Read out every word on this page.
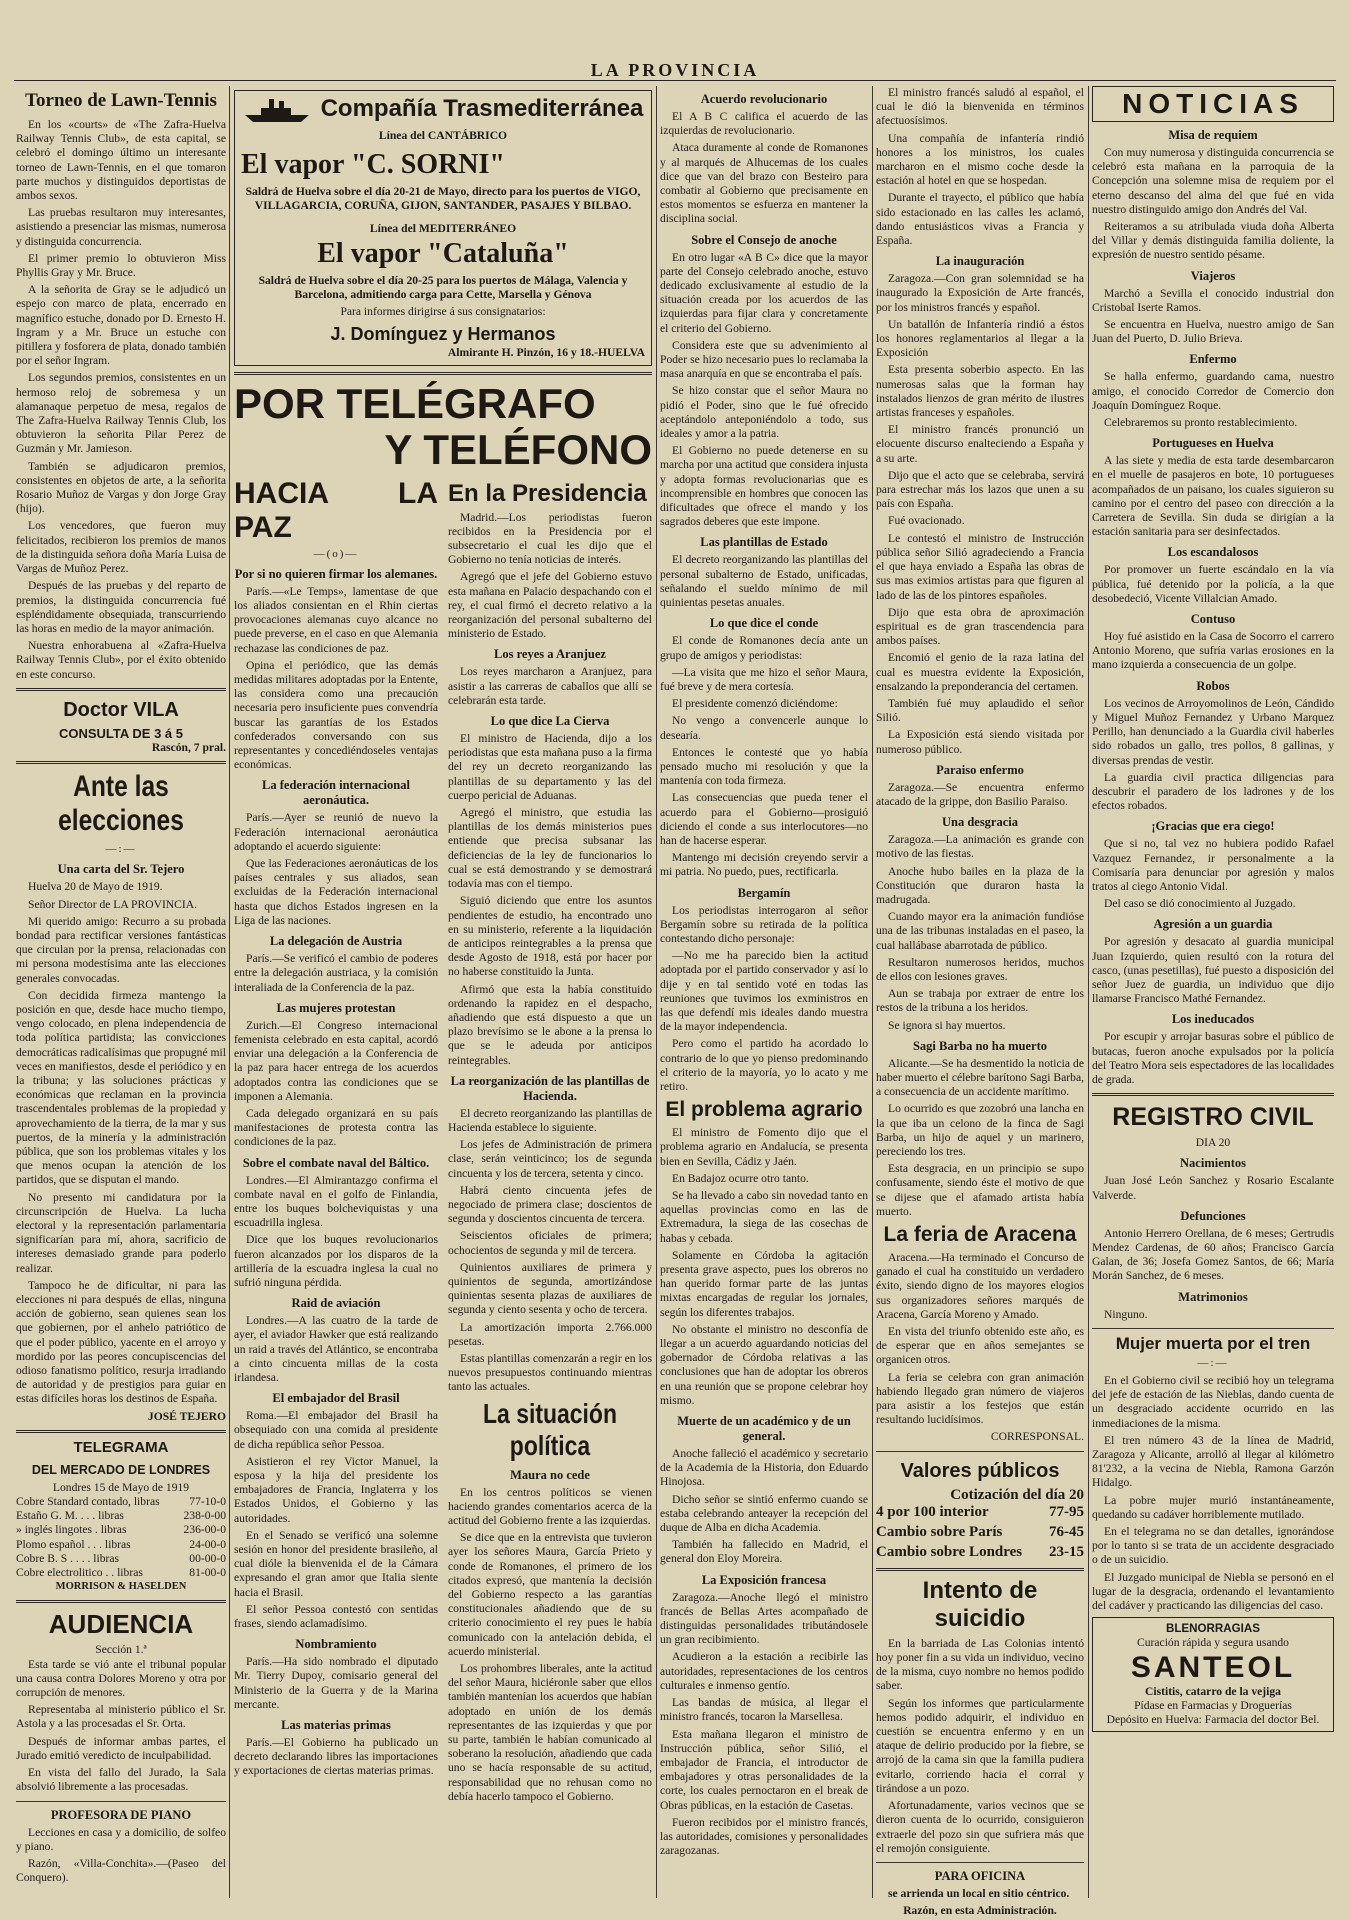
LA PROVINCIA
Torneo de Lawn-Tennis

En los «courts» de «The Zafra-Huelva Railway Tennis Club», de esta capital, se celebró el domingo último un interesante torneo de Lawn-Tennis, en el que tomaron parte muchos y distinguidos deportistas de ambos sexos.

Las pruebas resultaron muy interesantes, asistiendo a presenciar las mismas, numerosa y distinguida concurrencia.

El primer premio lo obtuvieron Miss Phyllis Gray y Mr. Bruce.

A la señorita de Gray se le adjudicó un espejo con marco de plata, encerrado en magnífico estuche, donado por D. Ernesto H. Ingram y a Mr. Bruce un estuche con pitillera y fosforera de plata, donado también por el señor Ingram.

Los segundos premios, consistentes en un hermoso reloj de sobremesa y un alamanaque perpetuo de mesa, regalos de The Zafra-Huelva Railway Tennis Club, los obtuvieron la señorita Pilar Perez de Guzmán y Mr. Jamieson.

También se adjudicaron premios, consistentes en objetos de arte, a la señorita Rosario Muñoz de Vargas y don Jorge Gray (hijo).

Los vencedores, que fueron muy felicitados, recibieron los premios de manos de la distinguida señora doña María Luisa de Vargas de Muñoz Perez.

Después de las pruebas y del reparto de premios, la distinguida concurrencia fué espléndidamente obsequiada, transcurriendo las horas en medio de la mayor animación.

Nuestra enhorabuena al «Zafra-Huelva Railway Tennis Club», por el éxito obtenido en este concurso.

Doctor VILA
CONSULTA DE 3 á 5
Rascón, 7 pral.
Ante las elecciones
—:—
Una carta del Sr. Tejero

Huelva 20 de Mayo de 1919.

Señor Director de LA PROVINCIA.

Mi querido amigo: Recurro a su probada bondad para rectificar versiones fantásticas que circulan por la prensa, relacionadas con mi persona modestísima ante las elecciones generales convocadas.

Con decidida firmeza mantengo la posición en que, desde hace mucho tiempo, vengo colocado, en plena independencia de toda política partidista; las convicciones democráticas radicalísimas que propugné mil veces en manifiestos, desde el periódico y en la tribuna; y las soluciones prácticas y económicas que reclaman en la provincia trascendentales problemas de la propiedad y aprovechamiento de la tierra, de la mar y sus puertos, de la minería y la administración pública, que son los problemas vitales y los que menos ocupan la atención de los partidos, que se disputan el mando.

No presento mi candidatura por la circunscripción de Huelva. La lucha electoral y la representación parlamentaria significarían para mí, ahora, sacrificio de intereses demasiado grande para poderlo realizar.

Tampoco he de dificultar, ni para las elecciones ni para después de ellas, ninguna acción de gobierno, sean quienes sean los que gobiernen, por el anhelo patriótico de que el poder público, yacente en el arroyo y mordido por las peores concupiscencias del odioso fanatismo político, resurja irradiando de autoridad y de prestigios para guiar en estas difíciles horas los destinos de España.

JOSÉ TEJERO
TELEGRAMA
DEL MERCADO DE LONDRES
Londres 15 de Mayo de 1919
Cobre Standard contado, libras	77-10-0
Estaño G. M. . . . libras	238-0-00
» inglés lingotes . libras	236-00-0
Plomo español . . . libras	24-00-0
Cobre B. S . . . . libras	00-00-0
Cobre electrolitico . . libras	81-00-0
MORRISON & HASELDEN
AUDIENCIA
Sección 1.ª

Esta tarde se vió ante el tribunal popular una causa contra Dolores Moreno y otra por corrupción de menores.

Representaba al ministerio público el Sr. Astola y a las procesadas el Sr. Orta.

Después de informar ambas partes, el Jurado emitió veredicto de inculpabilidad.

En vista del fallo del Jurado, la Sala absolvió libremente a las procesadas.

PROFESORA DE PIANO

Lecciones en casa y a domicilio, de solfeo y piano.

Razón, «Villa-Conchita».—(Paseo del Conquero).

Compañía Trasmediterránea
Línea del CANTÁBRICO
El vapor "C. SORNI"

Saldrá de Huelva sobre el día 20-21 de Mayo, directo para los puertos de VIGO, VILLAGARCIA, CORUÑA, GIJON, SANTANDER, PASAJES Y BILBAO.

Línea del MEDITERRÁNEO
El vapor "Cataluña"

Saldrá de Huelva sobre el día 20-25 para los puertos de Málaga, Valencia y Barcelona, admitiendo carga para Cette, Marsella y Génova

Para informes dirigirse á sus consignatarios:
J. Domínguez y Hermanos
Almirante H. Pinzón, 16 y 18.-HUELVA
POR TELÉGRAFO
Y TELÉFONO
HACIA LA PAZ
—(o)—
Por si no quieren firmar los alemanes.

París.—«Le Temps», lamentase de que los aliados consientan en el Rhin ciertas provocaciones alemanas cuyo alcance no puede preverse, en el caso en que Alemania rechazase las condiciones de paz.

Opina el periódico, que las demás medidas militares adoptadas por la Entente, las considera como una precaución necesaria pero insuficiente pues convendría buscar las garantías de los Estados confederados conversando con sus representantes y concediéndoseles ventajas económicas.

La federación internacional aeronáutica.

París.—Ayer se reunió de nuevo la Federación internacional aeronáutica adoptando el acuerdo siguiente:

Que las Federaciones aeronáuticas de los países centrales y sus aliados, sean excluidas de la Federación internacional hasta que dichos Estados ingresen en la Liga de las naciones.

La delegación de Austria

París.—Se verificó el cambio de poderes entre la delegación austriaca, y la comisión interaliada de la Conferencia de la paz.

Las mujeres protestan

Zurich.—El Congreso internacional femenista celebrado en esta capital, acordó enviar una delegación a la Conferencia de la paz para hacer entrega de los acuerdos adoptados contra las condiciones que se imponen a Alemania.

Cada delegado organizará en su país manifestaciones de protesta contra las condiciones de la paz.

Sobre el combate naval del Báltico.

Londres.—El Almirantazgo confirma el combate naval en el golfo de Finlandia, entre los buques bolcheviquistas y una escuadrilla inglesa.

Dice que los buques revolucionarios fueron alcanzados por los disparos de la artillería de la escuadra inglesa la cual no sufrió ninguna pérdida.

Raid de aviación

Londres.—A las cuatro de la tarde de ayer, el aviador Hawker que está realizando un raid a través del Atlántico, se encontraba a cinto cincuenta millas de la costa irlandesa.

El embajador del Brasil

Roma.—El embajador del Brasil ha obsequiado con una comida al presidente de dicha república señor Pessoa.

Asistieron el rey Victor Manuel, la esposa y la hija del presidente los embajadores de Francia, Inglaterra y los Estados Unidos, el Gobierno y las autoridades.

En el Senado se verificó una solemne sesión en honor del presidente brasileño, al cual dióle la bienvenida el de la Cámara expresando el gran amor que Italia siente hacia el Brasil.

El señor Pessoa contestó con sentidas frases, siendo aclamadísimo.

Nombramiento

París.—Ha sido nombrado el diputado Mr. Tierry Dupoy, comisario general del Ministerio de la Guerra y de la Marina mercante.

Las materias primas

París.—El Gobierno ha publicado un decreto declarando libres las importaciones y exportaciones de ciertas materias primas.

En la Presidencia

Madrid.—Los periodistas fueron recibidos en la Presidencia por el subsecretario el cual les dijo que el Gobierno no tenía noticias de interés.

Agregó que el jefe del Gobierno estuvo esta mañana en Palacio despachando con el rey, el cual firmó el decreto relativo a la reorganización del personal subalterno del ministerio de Estado.

Los reyes a Aranjuez

Los reyes marcharon a Aranjuez, para asistir a las carreras de caballos que allí se celebrarán esta tarde.

Lo que dice La Cierva

El ministro de Hacienda, dijo a los periodistas que esta mañana puso a la firma del rey un decreto reorganizando las plantillas de su departamento y las del cuerpo pericial de Aduanas.

Agregó el ministro, que estudia las plantillas de los demás ministerios pues entiende que precisa subsanar las deficiencias de la ley de funcionarios lo cual se está demostrando y se demostrará todavía mas con el tiempo.

Siguió diciendo que entre los asuntos pendientes de estudio, ha encontrado uno en su ministerio, referente a la liquidación de anticipos reintegrables a la prensa que desde Agosto de 1918, está por hacer por no haberse constituido la Junta.

Afirmó que esta la había constituido ordenando la rapidez en el despacho, añadiendo que está dispuesto a que un plazo brevísimo se le abone a la prensa lo que se le adeuda por anticipos reintegrables.

La reorganización de las plantillas de Hacienda.

El decreto reorganizando las plantillas de Hacienda establece lo siguiente.

Los jefes de Administración de primera clase, serán veinticinco; los de segunda cincuenta y los de tercera, setenta y cinco.

Habrá ciento cincuenta jefes de negociado de primera clase; doscientos de segunda y doscientos cincuenta de tercera.

Seiscientos oficiales de primera; ochocientos de segunda y mil de tercera.

Quinientos auxiliares de primera y quinientos de segunda, amortizándose quinientas sesenta plazas de auxiliares de segunda y ciento sesenta y ocho de tercera.

La amortización importa 2.766.000 pesetas.

Estas plantillas comenzarán a regir en los nuevos presupuestos continuando mientras tanto las actuales.

La situación política
Maura no cede

En los centros políticos se vienen haciendo grandes comentarios acerca de la actitud del Gobierno frente a las izquierdas.

Se dice que en la entrevista que tuvieron ayer los señores Maura, García Prieto y conde de Romanones, el primero de los citados expresó, que mantenía la decisión del Gobierno respecto a las garantías constitucionales añadiendo que de su criterio conocimiento el rey pues le había comunicado con la antelación debida, el acuerdo ministerial.

Los prohombres liberales, ante la actitud del señor Maura, hiciéronle saber que ellos también mantenían los acuerdos que habían adoptado en unión de los demás representantes de las izquierdas y que por su parte, también le habían comunicado al soberano la resolución, añadiendo que cada uno se hacía responsable de su actitud, responsabilidad que no rehusan como no debía hacerlo tampoco el Gobierno.

Acuerdo revolucionario

El A B C califica el acuerdo de las izquierdas de revolucionario.

Ataca duramente al conde de Romanones y al marqués de Alhucemas de los cuales dice que van del brazo con Besteiro para combatir al Gobierno que precisamente en estos momentos se esfuerza en mantener la disciplina social.

Sobre el Consejo de anoche

En otro lugar «A B C» dice que la mayor parte del Consejo celebrado anoche, estuvo dedicado exclusivamente al estudio de la situación creada por los acuerdos de las izquierdas para fijar clara y concretamente el criterio del Gobierno.

Considera este que su advenimiento al Poder se hizo necesario pues lo reclamaba la masa anarquía en que se encontraba el país.

Se hizo constar que el señor Maura no pidió el Poder, sino que le fué ofrecido aceptándolo anteponiéndolo a todo, sus ideales y amor a la patria.

El Gobierno no puede detenerse en su marcha por una actitud que considera injusta y adopta formas revolucionarias que es incomprensible en hombres que conocen las dificultades que ofrece el mando y los sagrados deberes que este impone.

Las plantillas de Estado

El decreto reorganizando las plantillas del personal subalterno de Estado, unificadas, señalando el sueldo mínimo de mil quinientas pesetas anuales.

Lo que dice el conde

El conde de Romanones decía ante un grupo de amigos y periodistas:

—La visita que me hizo el señor Maura, fué breve y de mera cortesía.

El presidente comenzó diciéndome:

No vengo a convencerle aunque lo desearía.

Entonces le contesté que yo había pensado mucho mi resolución y que la mantenía con toda firmeza.

Las consecuencias que pueda tener el acuerdo para el Gobierno—prosiguió diciendo el conde a sus interlocutores—no han de hacerse esperar.

Mantengo mi decisión creyendo servir a mi patria. No puedo, pues, rectificarla.

Bergamín

Los periodistas interrogaron al señor Bergamín sobre su retirada de la política contestando dicho personaje:

—No me ha parecido bien la actitud adoptada por el partido conservador y así lo dije y en tal sentido voté en todas las reuniones que tuvimos los exministros en las que defendí mis ideales dando muestra de la mayor independencia.

Pero como el partido ha acordado lo contrario de lo que yo pienso predominando el criterio de la mayoría, yo lo acato y me retiro.

El problema agrario

El ministro de Fomento dijo que el problema agrario en Andalucía, se presenta bien en Sevilla, Cádiz y Jaén.

En Badajoz ocurre otro tanto.

Se ha llevado a cabo sin novedad tanto en aquellas provincias como en las de Extremadura, la siega de las cosechas de habas y cebada.

Solamente en Córdoba la agitación presenta grave aspecto, pues los obreros no han querido formar parte de las juntas mixtas encargadas de regular los jornales, según los diferentes trabajos.

No obstante el ministro no desconfía de llegar a un acuerdo aguardando noticias del gobernador de Córdoba relativas a las conclusiones que han de adoptar los obreros en una reunión que se propone celebrar hoy mismo.

Muerte de un académico y de un general.

Anoche falleció el académico y secretario de la Academia de la Historia, don Eduardo Hinojosa.

Dicho señor se sintió enfermo cuando se estaba celebrando anteayer la recepción del duque de Alba en dicha Academia.

También ha fallecido en Madrid, el general don Eloy Moreira.

La Exposición francesa

Zaragoza.—Anoche llegó el ministro francés de Bellas Artes acompañado de distinguidas personalidades tributándosele un gran recibimiento.

Acudieron a la estación a recibirle las autoridades, representaciones de los centros culturales e inmenso gentío.

Las bandas de música, al llegar el ministro francés, tocaron la Marsellesa.

Esta mañana llegaron el ministro de Instrucción pública, señor Silió, el embajador de Francia, el introductor de embajadores y otras personalidades de la corte, los cuales pernoctaron en el break de Obras públicas, en la estación de Casetas.

Fueron recibidos por el ministro francés, las autoridades, comisiones y personalidades zaragozanas.

El ministro francés saludó al español, el cual le dió la bienvenida en términos afectuosísimos.

Una compañía de infantería rindió honores a los ministros, los cuales marcharon en el mismo coche desde la estación al hotel en que se hospedan.

Durante el trayecto, el público que había sido estacionado en las calles les aclamó, dando entusiásticos vivas a Francia y España.

La inauguración

Zaragoza.—Con gran solemnidad se ha inaugurado la Exposición de Arte francés, por los ministros francés y español.

Un batallón de Infantería rindió a éstos los honores reglamentarios al llegar a la Exposición

Esta presenta soberbio aspecto. En las numerosas salas que la forman hay instalados lienzos de gran mérito de ilustres artistas franceses y españoles.

El ministro francés pronunció un elocuente discurso enalteciendo a España y a su arte.

Dijo que el acto que se celebraba, servirá para estrechar más los lazos que unen a su país con España.

Fué ovacionado.

Le contestó el ministro de Instrucción pública señor Silió agradeciendo a Francia el que haya enviado a España las obras de sus mas eximios artistas para que figuren al lado de las de los pintores españoles.

Dijo que esta obra de aproximación espiritual es de gran trascendencia para ambos países.

Encomió el genio de la raza latina del cual es muestra evidente la Exposición, ensalzando la preponderancia del certamen.

También fué muy aplaudido el señor Silió.

La Exposición está siendo visitada por numeroso público.

Paraiso enfermo

Zaragoza.—Se encuentra enfermo atacado de la grippe, don Basilio Paraiso.

Una desgracia

Zaragoza.—La animación es grande con motivo de las fiestas.

Anoche hubo bailes en la plaza de la Constitución que duraron hasta la madrugada.

Cuando mayor era la animación fundióse una de las tribunas instaladas en el paseo, la cual hallábase abarrotada de público.

Resultaron numerosos heridos, muchos de ellos con lesiones graves.

Aun se trabaja por extraer de entre los restos de la tribuna a los heridos.

Se ignora si hay muertos.

Sagi Barba no ha muerto

Alicante.—Se ha desmentido la noticia de haber muerto el célebre barítono Sagi Barba, a consecuencia de un accidente marítimo.

Lo ocurrido es que zozobró una lancha en la que iba un celono de la finca de Sagi Barba, un hijo de aquel y un marinero, pereciendo los tres.

Esta desgracia, en un principio se supo confusamente, siendo éste el motivo de que se dijese que el afamado artista había muerto.

La feria de Aracena

Aracena.—Ha terminado el Concurso de ganado el cual ha constituido un verdadero éxito, siendo digno de los mayores elogios sus organizadores señores marqués de Aracena, García Moreno y Amado.

En vista del triunfo obtenido este año, es de esperar que en años semejantes se organicen otros.

La feria se celebra con gran animación habiendo llegado gran número de viajeros para asistir a los festejos que están resultando lucidísimos.

CORRESPONSAL.
Valores públicos
Cotización del día 20
4 por 100 interior	77-95
Cambio sobre París	76-45
Cambio sobre Londres 23-15
Intento de suicidio

En la barriada de Las Colonias intentó hoy poner fin a su vida un individuo, vecino de la misma, cuyo nombre no hemos podido saber.

Según los informes que particularmente hemos podido adquirir, el individuo en cuestión se encuentra enfermo y en un ataque de delirio producido por la fiebre, se arrojó de la cama sin que la familla pudiera evitarlo, corriendo hacia el corral y tirándose a un pozo.

Afortunadamente, varios vecinos que se dieron cuenta de lo ocurrido, consiguieron extraerle del pozo sin que sufriera más que el remojón consiguiente.

PARA OFICINA

se arrienda un local en sitio céntrico.

Razón, en esta Administración.
NOTICIAS
Misa de requiem

Con muy numerosa y distinguida concurrencia se celebró esta mañana en la parroquia de la Concepción una solemne misa de requiem por el eterno descanso del alma del que fué en vida nuestro distinguido amigo don Andrés del Val.

Reiteramos a su atribulada viuda doña Alberta del Villar y demás distinguida familia doliente, la expresión de nuestro sentido pésame.

Viajeros

Marchó a Sevilla el conocido industrial don Cristobal Iserte Ramos.

Se encuentra en Huelva, nuestro amigo de San Juan del Puerto, D. Julio Brieva.

Enfermo

Se halla enfermo, guardando cama, nuestro amigo, el conocido Corredor de Comercio don Joaquín Domínguez Roque.

Celebraremos su pronto restablecimiento.

Portugueses en Huelva

A las siete y media de esta tarde desembarcaron en el muelle de pasajeros en bote, 10 portugueses acompañados de un paisano, los cuales siguieron su camino por el centro del paseo con dirección a la Carretera de Sevilla. Sin duda se dirigían a la estación sanitaria para ser desinfectados.

Los escandalosos

Por promover un fuerte escándalo en la vía pública, fué detenido por la policía, a la que desobedeció, Vicente Villalcian Amado.

Contuso

Hoy fué asistido en la Casa de Socorro el carrero Antonio Moreno, que sufría varias erosiones en la mano izquierda a consecuencia de un golpe.

Robos

Los vecinos de Arroyomolinos de León, Cándido y Miguel Muñoz Fernandez y Urbano Marquez Perillo, han denunciado a la Guardia civil haberles sido robados un gallo, tres pollos, 8 gallinas, y diversas prendas de vestir.

La guardia civil practica diligencias para descubrir el paradero de los ladrones y de los efectos robados.

¡Gracias que era ciego!

Que si no, tal vez no hubiera podido Rafael Vazquez Fernandez, ir personalmente a la Comisaría para denunciar por agresión y malos tratos al ciego Antonio Vidal.

Del caso se dió conocimiento al Juzgado.

Agresión a un guardia

Por agresión y desacato al guardia municipal Juan Izquierdo, quien resultó con la rotura del casco, (unas pesetillas), fué puesto a disposición del señor Juez de guardia, un individuo que dijo llamarse Francisco Mathé Fernandez.

Los ineducados

Por escupir y arrojar basuras sobre el público de butacas, fueron anoche expulsados por la policía del Teatro Mora seis espectadores de las localidades de grada.

REGISTRO CIVIL
DIA 20
Nacimientos

Juan José León Sanchez y Rosario Escalante Valverde.

Defunciones

Antonio Herrero Orellana, de 6 meses; Gertrudis Mendez Cardenas, de 60 años; Francisco García Galan, de 36; Josefa Gomez Santos, de 66; María Morán Sanchez, de 6 meses.

Matrimonios

Ninguno.

Mujer muerta por el tren
—:—

En el Gobierno civil se recibió hoy un telegrama del jefe de estación de las Nieblas, dando cuenta de un desgraciado accidente ocurrido en las inmediaciones de la misma.

El tren número 43 de la línea de Madrid, Zaragoza y Alicante, arrolló al llegar al kilómetro 81'232, a la vecina de Niebla, Ramona Garzón Hidalgo.

La pobre mujer murió instantáneamente, quedando su cadáver horriblemente mutilado.

En el telegrama no se dan detalles, ignorándose por lo tanto si se trata de un accidente desgraciado o de un suicidio.

El Juzgado municipal de Niebla se personó en el lugar de la desgracia, ordenando el levantamiento del cadáver y practicando las diligencias del caso.

BLENORRAGIAS
Curación rápida y segura usando
SANTEOL
Cistitis, catarro de la vejiga
Pídase en Farmacias y Droguerías
Depósito en Huelva: Farmacia del doctor Bel.
